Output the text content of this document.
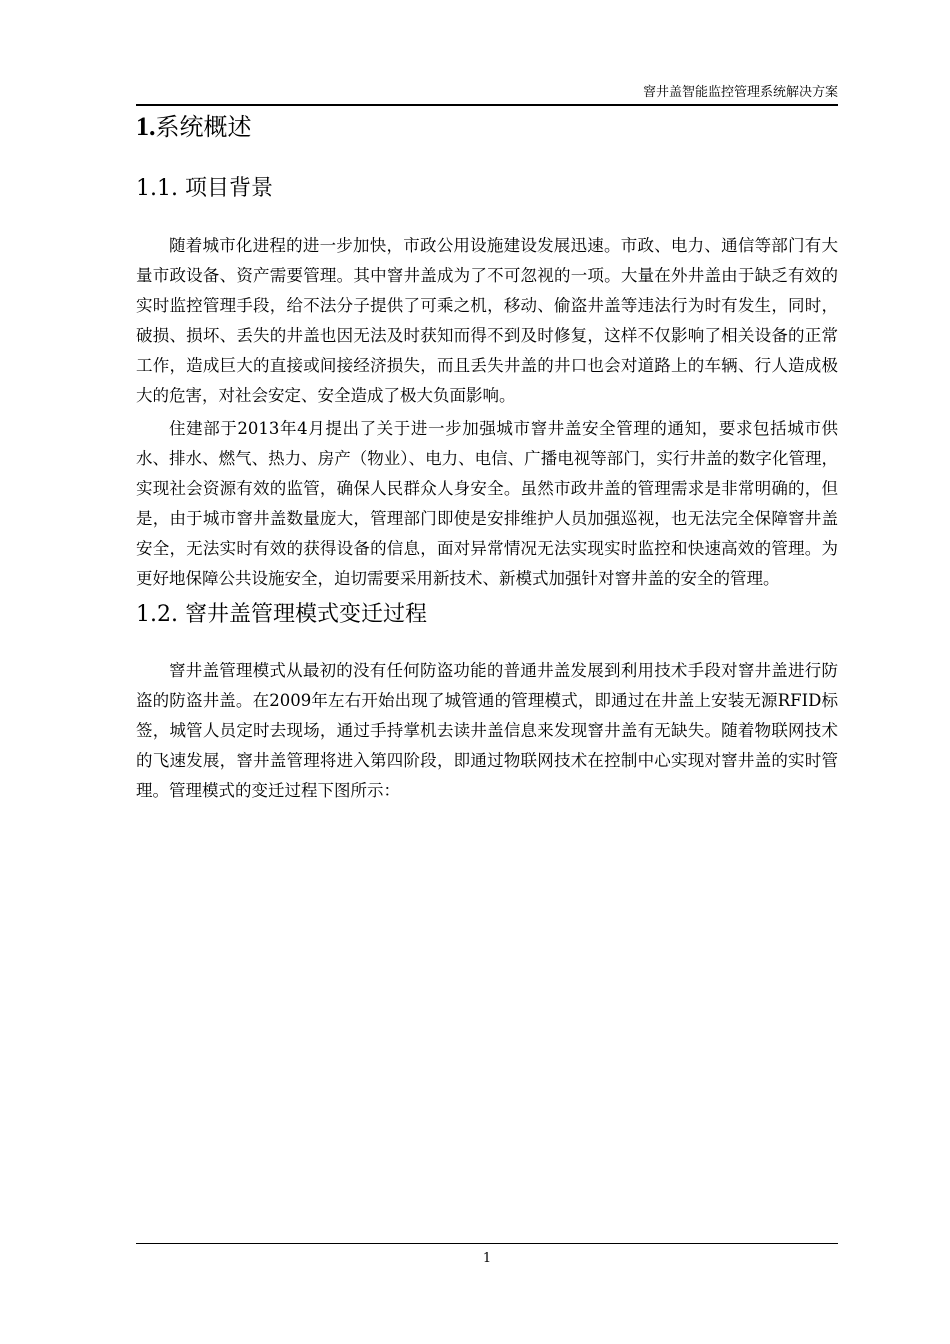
窨井盖智能监控管理系统解决方案
1.系统概述
1.1. 项目背景

随着城市化进程的进一步加快，市政公用设施建设发展迅速。市政、电力、通信等部门有大量市政设备、资产需要管理。其中窨井盖成为了不可忽视的一项。大量在外井盖由于缺乏有效的实时监控管理手段，给不法分子提供了可乘之机，移动、偷盗井盖等违法行为时有发生，同时，破损、损坏、丢失的井盖也因无法及时获知而得不到及时修复，这样不仅影响了相关设备的正常工作，造成巨大的直接或间接经济损失，而且丢失井盖的井口也会对道路上的车辆、行人造成极大的危害，对社会安定、安全造成了极大负面影响。

住建部于2013年4月提出了关于进一步加强城市窨井盖安全管理的通知，要求包括城市供水、排水、燃气、热力、房产（物业）、电力、电信、广播电视等部门，实行井盖的数字化管理，实现社会资源有效的监管，确保人民群众人身安全。虽然市政井盖的管理需求是非常明确的，但是，由于城市窨井盖数量庞大，管理部门即使是安排维护人员加强巡视，也无法完全保障窨井盖安全，无法实时有效的获得设备的信息，面对异常情况无法实现实时监控和快速高效的管理。为更好地保障公共设施安全，迫切需要采用新技术、新模式加强针对窨井盖的安全的管理。

1.2. 窨井盖管理模式变迁过程

窨井盖管理模式从最初的没有任何防盗功能的普通井盖发展到利用技术手段对窨井盖进行防盗的防盗井盖。在2009年左右开始出现了城管通的管理模式，即通过在井盖上安装无源RFID标签，城管人员定时去现场，通过手持掌机去读井盖信息来发现窨井盖有无缺失。随着物联网技术的飞速发展，窨井盖管理将进入第四阶段，即通过物联网技术在控制中心实现对窨井盖的实时管理。管理模式的变迁过程下图所示：

1
